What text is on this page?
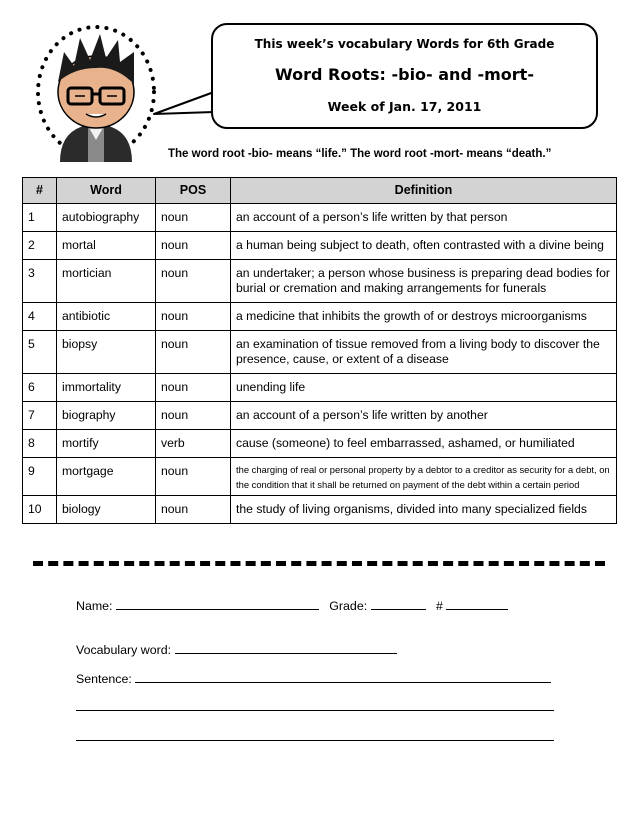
This week’s vocabulary Words for 6th Grade
Word Roots: -bio- and -mort-
Week of Jan. 17, 2011
The word root -bio- means “life.” The word root -mort- means “death.”
#	Word	POS	Definition
1	autobiography	noun	an account of a person’s life written by that person
2	mortal	noun	a human being subject to death, often contrasted with a divine being
3	mortician	noun	an undertaker; a person whose business is preparing dead bodies for burial or cremation and making arrangements for funerals
4	antibiotic	noun	a medicine that inhibits the growth of or destroys microorganisms
5	biopsy	noun	an examination of tissue removed from a living body to discover the presence, cause, or extent of a disease
6	immortality	noun	unending life
7	biography	noun	an account of a person’s life written by another
8	mortify	verb	cause (someone) to feel embarrassed, ashamed, or humiliated
9	mortgage	noun	the charging of real or personal property by a debtor to a creditor as security for a debt, on the condition that it shall be returned on payment of the debt within a certain period
10	biology	noun	the study of living organisms, divided into many specialized fields
Name:	Grade:	#
Vocabulary word:
Sentence:
